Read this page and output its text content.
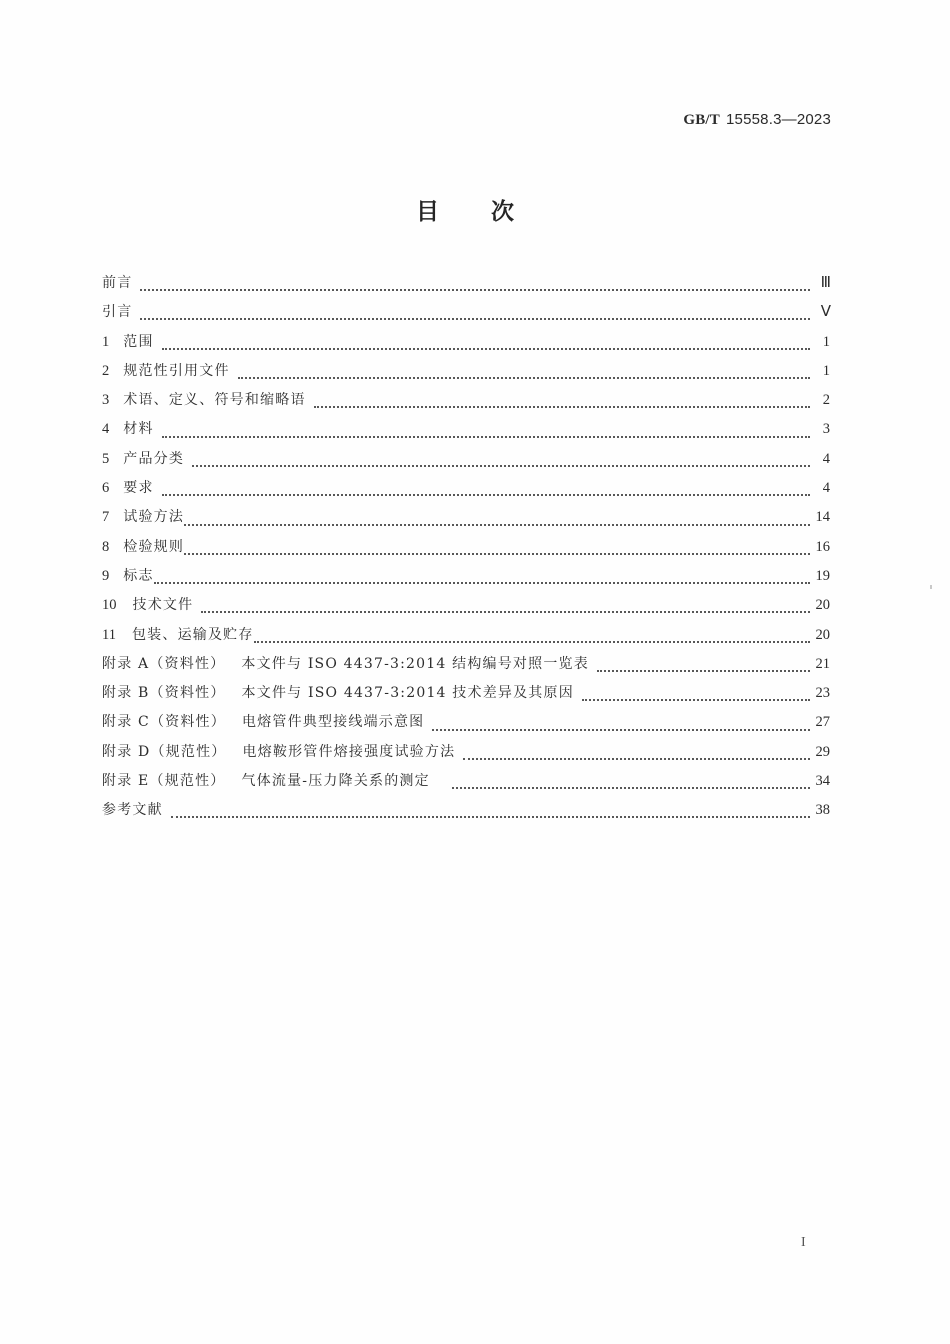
GB/T 15558.3—2023
目 次
前言	Ⅲ
引言	Ⅴ
1 范围	1
2 规范性引用文件	1
3 术语、定义、符号和缩略语	2
4 材料	3
5 产品分类	4
6 要求	4
7 试验方法	14
8 检验规则	16
9 标志	19
10 技术文件	20
11 包装、运输及贮存	20
附录 A（资料性） 本文件与 ISO 4437-3:2014 结构编号对照一览表	21
附录 B（资料性） 本文件与 ISO 4437-3:2014 技术差异及其原因	23
附录 C（资料性） 电熔管件典型接线端示意图	27
附录 D（规范性） 电熔鞍形管件熔接强度试验方法	29
附录 E（规范性） 气体流量-压力降关系的测定	34
参考文献	38
I
